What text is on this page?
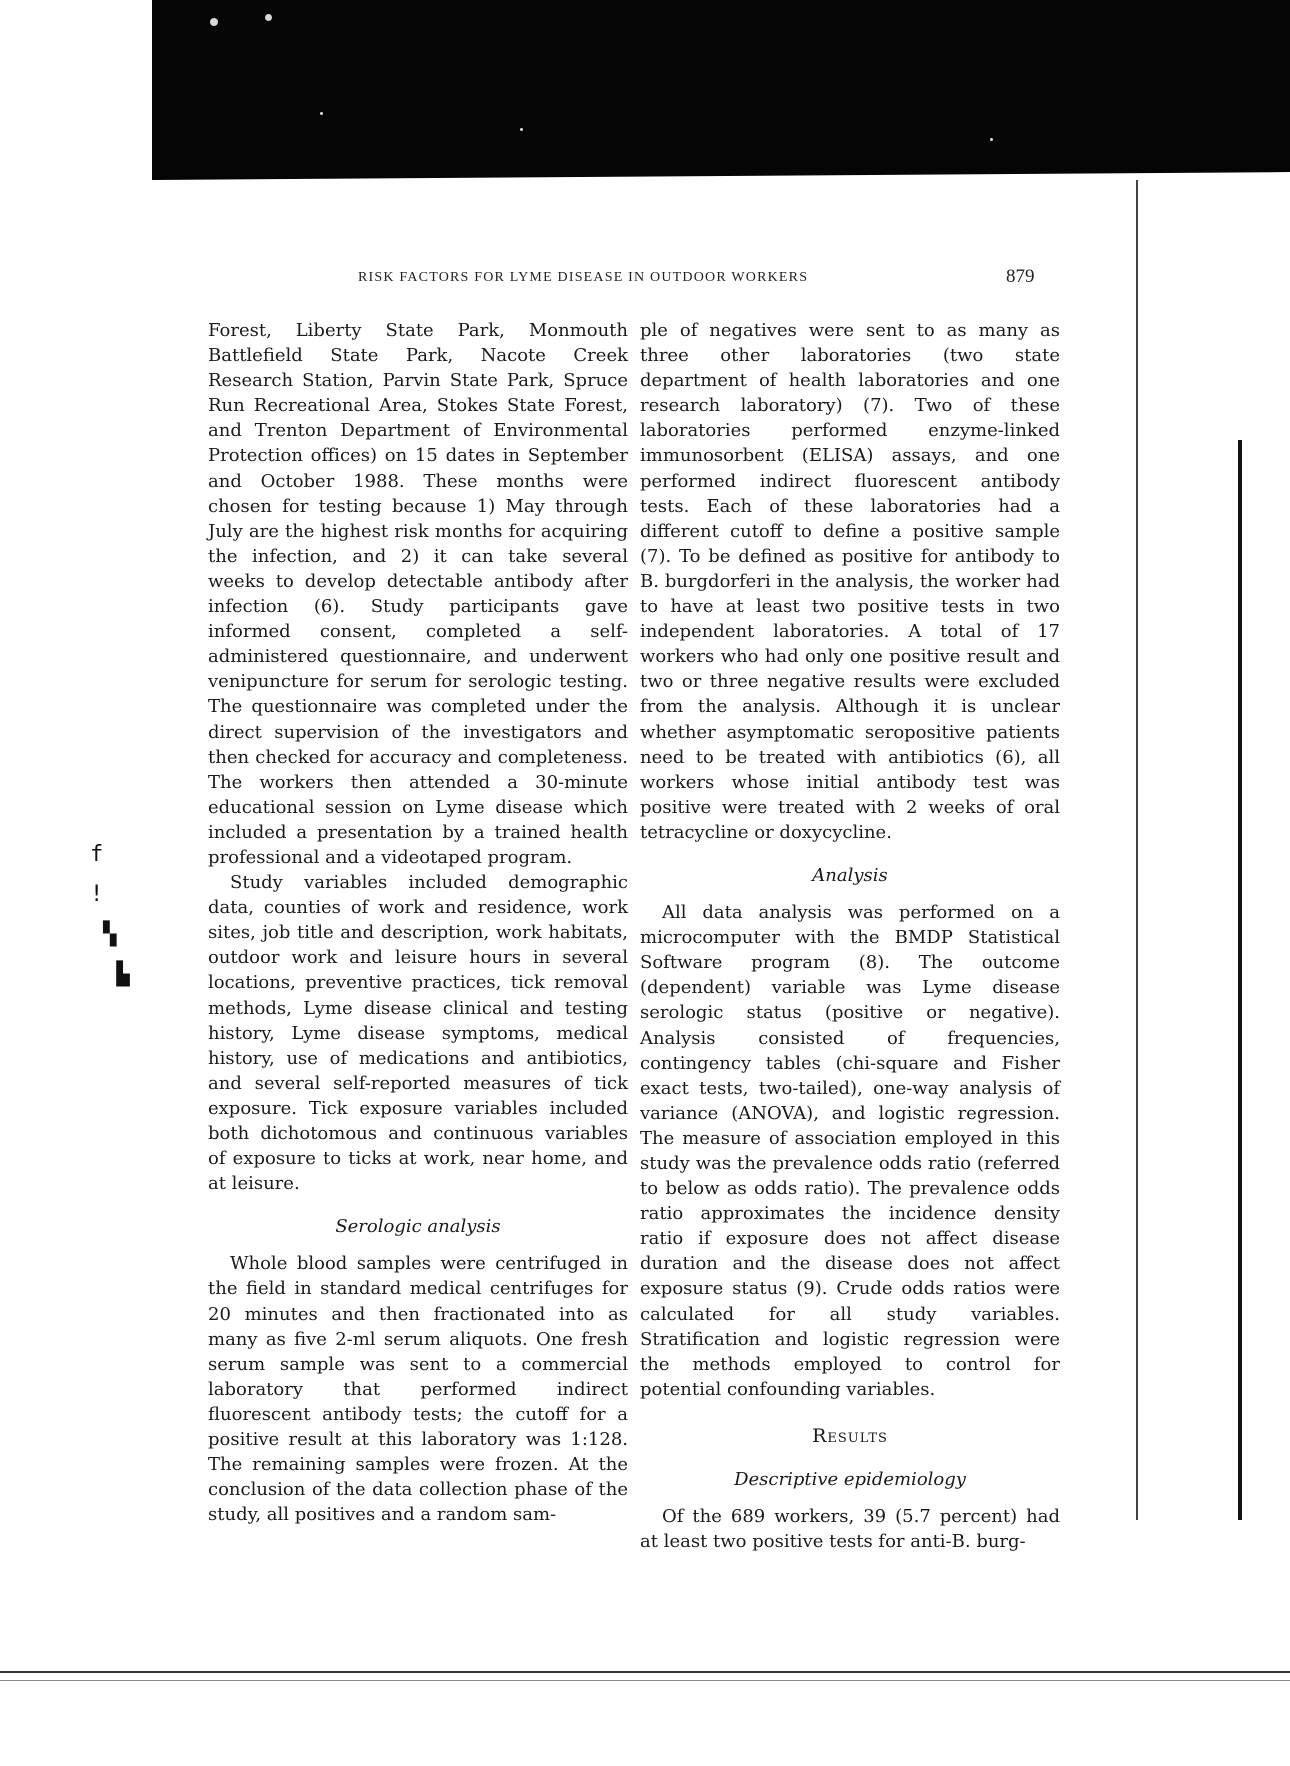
f
!
▚
▙
RISK FACTORS FOR LYME DISEASE IN OUTDOOR WORKERS	879

Forest, Liberty State Park, Monmouth Battlefield State Park, Nacote Creek Research Station, Parvin State Park, Spruce Run Recreational Area, Stokes State Forest, and Trenton Department of Environmental Protection offices) on 15 dates in September and October 1988. These months were chosen for testing because 1) May through July are the highest risk months for acquiring the infection, and 2) it can take several weeks to develop detectable antibody after infection (6). Study participants gave informed consent, completed a self-administered questionnaire, and underwent venipuncture for serum for serologic testing. The questionnaire was completed under the direct supervision of the investigators and then checked for accuracy and completeness. The workers then attended a 30-minute educational session on Lyme disease which included a presentation by a trained health professional and a videotaped program.

Study variables included demographic data, counties of work and residence, work sites, job title and description, work habitats, outdoor work and leisure hours in several locations, preventive practices, tick removal methods, Lyme disease clinical and testing history, Lyme disease symptoms, medical history, use of medications and antibiotics, and several self-reported measures of tick exposure. Tick exposure variables included both dichotomous and continuous variables of exposure to ticks at work, near home, and at leisure.

Serologic analysis

Whole blood samples were centrifuged in the field in standard medical centrifuges for 20 minutes and then fractionated into as many as five 2-ml serum aliquots. One fresh serum sample was sent to a commercial laboratory that performed indirect fluorescent antibody tests; the cutoff for a positive result at this laboratory was 1:128. The remaining samples were frozen. At the conclusion of the data collection phase of the study, all positives and a random sam-

ple of negatives were sent to as many as three other laboratories (two state department of health laboratories and one research laboratory) (7). Two of these laboratories performed enzyme-linked immunosorbent (ELISA) assays, and one performed indirect fluorescent antibody tests. Each of these laboratories had a different cutoff to define a positive sample (7). To be defined as positive for antibody to B. burgdorferi in the analysis, the worker had to have at least two positive tests in two independent laboratories. A total of 17 workers who had only one positive result and two or three negative results were excluded from the analysis. Although it is unclear whether asymptomatic seropositive patients need to be treated with antibiotics (6), all workers whose initial antibody test was positive were treated with 2 weeks of oral tetracycline or doxycycline.

Analysis

All data analysis was performed on a microcomputer with the BMDP Statistical Software program (8). The outcome (dependent) variable was Lyme disease serologic status (positive or negative). Analysis consisted of frequencies, contingency tables (chi-square and Fisher exact tests, two-tailed), one-way analysis of variance (ANOVA), and logistic regression. The measure of association employed in this study was the prevalence odds ratio (referred to below as odds ratio). The prevalence odds ratio approximates the incidence density ratio if exposure does not affect disease duration and the disease does not affect exposure status (9). Crude odds ratios were calculated for all study variables. Stratification and logistic regression were the methods employed to control for potential confounding variables.

Results
Descriptive epidemiology

Of the 689 workers, 39 (5.7 percent) had at least two positive tests for anti-B. burg-
